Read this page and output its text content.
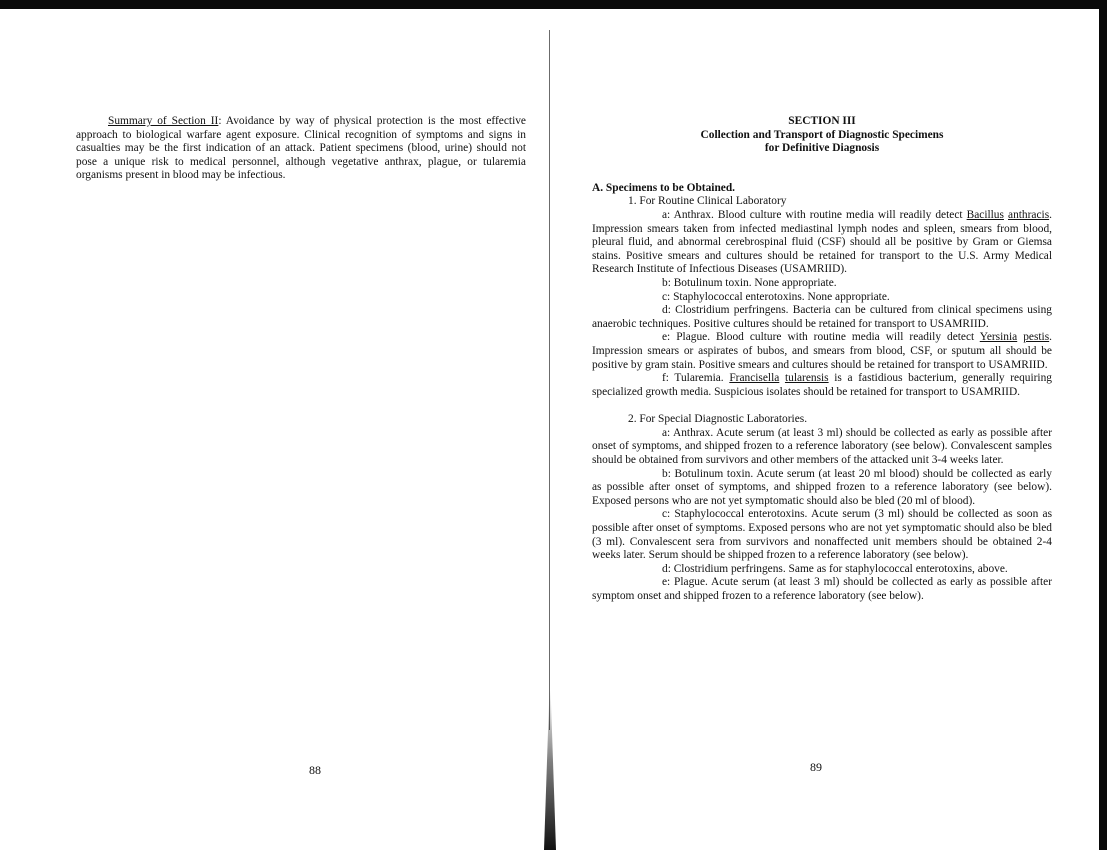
Summary of Section II: Avoidance by way of physical protection is the most effective approach to biological warfare agent exposure. Clinical recognition of symptoms and signs in casualties may be the first indication of an attack. Patient specimens (blood, urine) should not pose a unique risk to medical personnel, although vegetative anthrax, plague, or tularemia organisms present in blood may be infectious.

88
SECTION III
Collection and Transport of Diagnostic Specimens
for Definitive Diagnosis
A. Specimens to be Obtained.
1. For Routine Clinical Laboratory

a: Anthrax. Blood culture with routine media will readily detect Bacillus anthracis. Impression smears taken from infected mediastinal lymph nodes and spleen, smears from blood, pleural fluid, and abnormal cerebrospinal fluid (CSF) should all be positive by Gram or Giemsa stains. Positive smears and cultures should be retained for transport to the U.S. Army Medical Research Institute of Infectious Diseases (USAMRIID).

b: Botulinum toxin. None appropriate.

c: Staphylococcal enterotoxins. None appropriate.

d: Clostridium perfringens. Bacteria can be cultured from clinical specimens using anaerobic techniques. Positive cultures should be retained for transport to USAMRIID.

e: Plague. Blood culture with routine media will readily detect Yersinia pestis. Impression smears or aspirates of bubos, and smears from blood, CSF, or sputum all should be positive by gram stain. Positive smears and cultures should be retained for transport to USAMRIID.

f: Tularemia. Francisella tularensis is a fastidious bacterium, generally requiring specialized growth media. Suspicious isolates should be retained for transport to USAMRIID.

2. For Special Diagnostic Laboratories.

a: Anthrax. Acute serum (at least 3 ml) should be collected as early as possible after onset of symptoms, and shipped frozen to a reference laboratory (see below). Convalescent samples should be obtained from survivors and other members of the attacked unit 3-4 weeks later.

b: Botulinum toxin. Acute serum (at least 20 ml blood) should be collected as early as possible after onset of symptoms, and shipped frozen to a reference laboratory (see below). Exposed persons who are not yet symptomatic should also be bled (20 ml of blood).

c: Staphylococcal enterotoxins. Acute serum (3 ml) should be collected as soon as possible after onset of symptoms. Exposed persons who are not yet symptomatic should also be bled (3 ml). Convalescent sera from survivors and nonaffected unit members should be obtained 2-4 weeks later. Serum should be shipped frozen to a reference laboratory (see below).

d: Clostridium perfringens. Same as for staphylococcal enterotoxins, above.

e: Plague. Acute serum (at least 3 ml) should be collected as early as possible after symptom onset and shipped frozen to a reference laboratory (see below).

89
